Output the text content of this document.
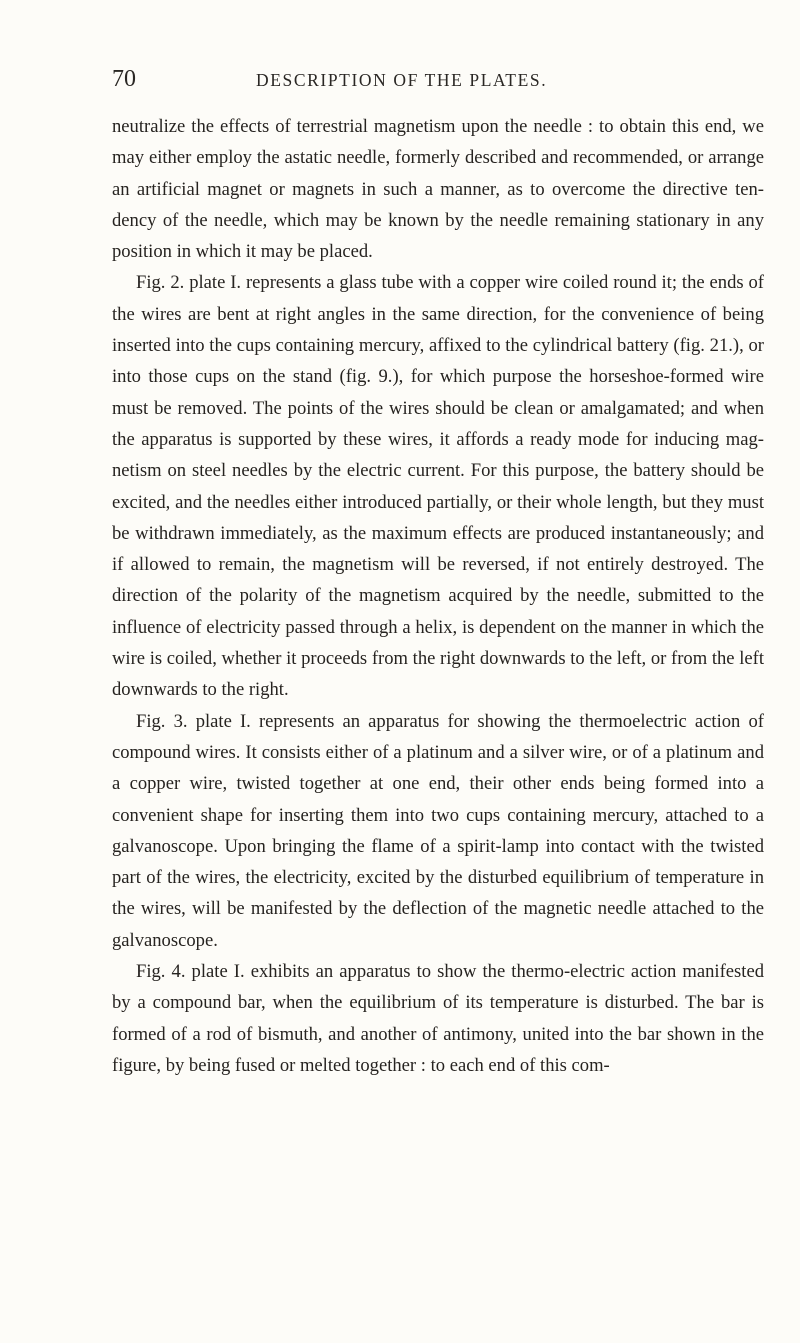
70	DESCRIPTION OF THE PLATES.

neutralize the effects of terrestrial magnetism upon the needle : to obtain this end, we may either employ the astatic needle, formerly described and recommended, or arrange an artificial magnet or magnets in such a manner, as to overcome the directive tendency of the needle, which may be known by the needle remaining stationary in any position in which it may be placed.

Fig. 2. plate I. represents a glass tube with a copper wire coiled round it; the ends of the wires are bent at right angles in the same direction, for the convenience of being inserted into the cups containing mercury, affixed to the cylindrical battery (fig. 21.), or into those cups on the stand (fig. 9.), for which purpose the horseshoe-formed wire must be removed. The points of the wires should be clean or amalgamated; and when the apparatus is supported by these wires, it affords a ready mode for inducing magnetism on steel needles by the electric current. For this purpose, the battery should be excited, and the needles either introduced partially, or their whole length, but they must be withdrawn immediately, as the maximum effects are produced instantaneously; and if allowed to remain, the magnetism will be reversed, if not entirely destroyed. The direction of the polarity of the magnetism acquired by the needle, submitted to the influence of electricity passed through a helix, is dependent on the manner in which the wire is coiled, whether it proceeds from the right downwards to the left, or from the left downwards to the right.

Fig. 3. plate I. represents an apparatus for showing the thermoelectric action of compound wires. It consists either of a platinum and a silver wire, or of a platinum and a copper wire, twisted together at one end, their other ends being formed into a convenient shape for inserting them into two cups containing mercury, attached to a galvanoscope. Upon bringing the flame of a spirit-lamp into contact with the twisted part of the wires, the electricity, excited by the disturbed equilibrium of temperature in the wires, will be manifested by the deflection of the magnetic needle attached to the galvanoscope.

Fig. 4. plate I. exhibits an apparatus to show the thermo-electric action manifested by a compound bar, when the equilibrium of its temperature is disturbed. The bar is formed of a rod of bismuth, and another of antimony, united into the bar shown in the figure, by being fused or melted together : to each end of this com-
